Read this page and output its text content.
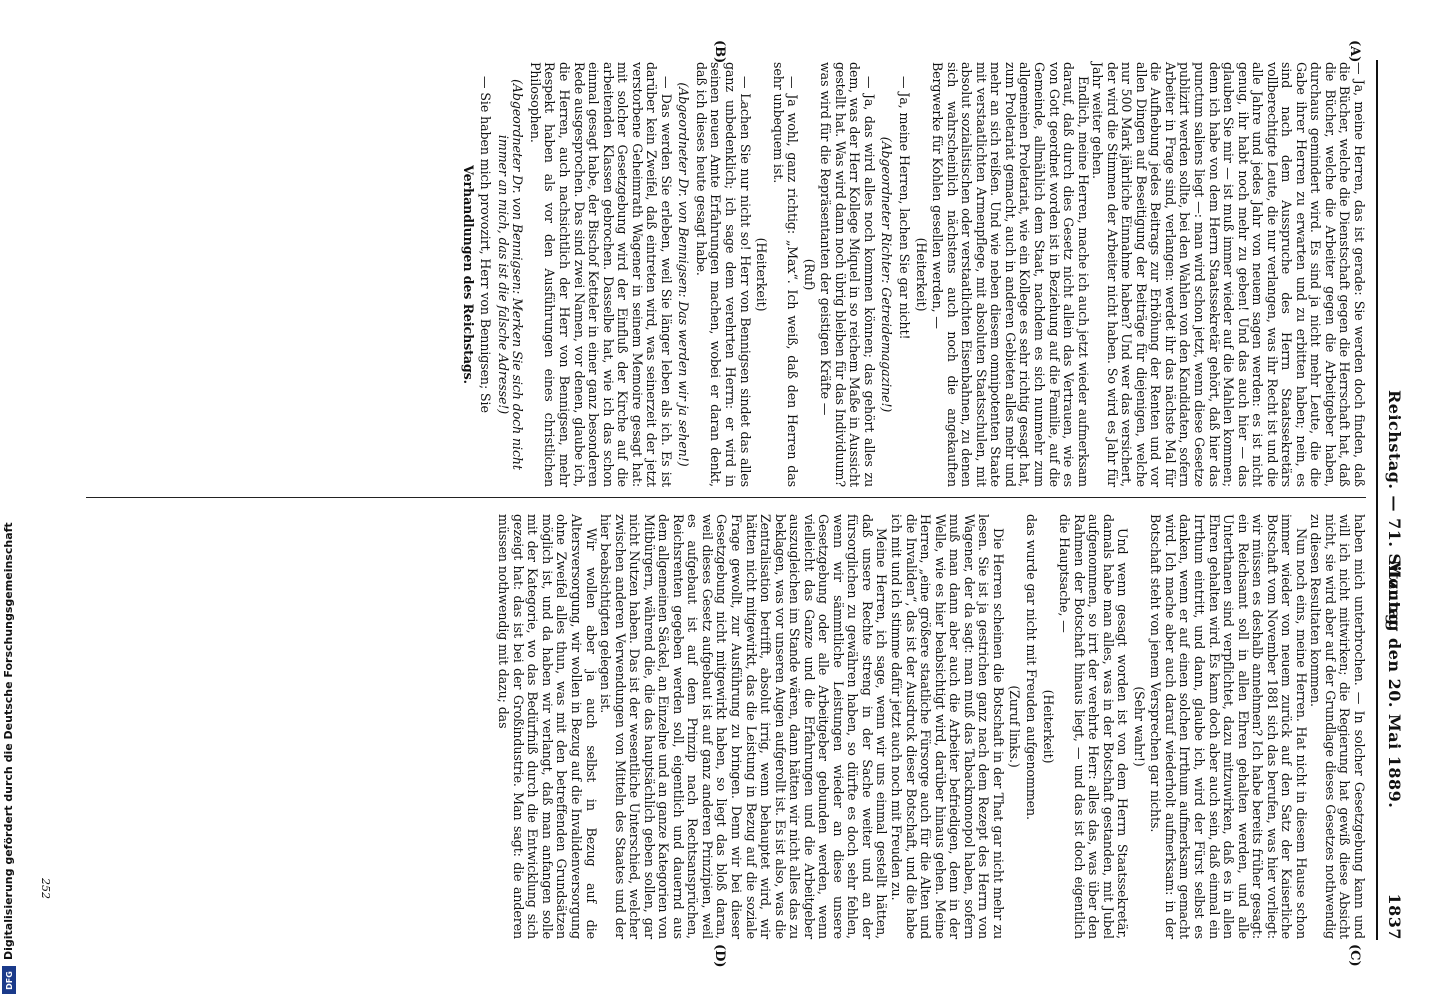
Reichstag. — 71. Sitzung.
Montag den 20. Mai 1889.
1837
(A)
(B)
(C)
(D)

— Ja, meine Herren, das ist gerade: Sie werden doch finden, daß die Bücher, welche die Dienstschaft gegen die Herrschaft hat, daß die Bücher, welche die Arbeiter gegen die Arbeitgeber haben, durchaus gemindert wird. Es sind ja nicht mehr Leute, die die Gabe ihrer Herren zu erwarten und zu erbitten haben; nein, es sind nach dem Ausspruche des Herrn Staatssekretärs vollberechtigte Leute, die nur verlangen, was ihr Recht ist und die alle Jahre und jedes Jahr von neuem sagen werden: es ist nicht genug, ihr habt noch mehr zu geben! Und das auch hier — das glauben Sie mir — ist muß immer wieder auf die Mahlen kommen; denn ich habe von dem Herrn Staatssekretär gehört, daß hier das punctum saliens liegt —: man wird schon jetzt, wenn diese Gesetze publizirt werden sollte, bei den Wahlen von den Kandidaten, sofern Arbeiter in Frage sind, verlangen: werdet ihr das nächste Mal für die Aufhebung jedes Beitrags zur Erhöhung der Renten und vor allen Dingen auf Beseitigung der Beiträge für diejenigen, welche nur 500 Mark jährliche Einnahme haben? Und wer das versichert, der wird die Stimmen der Arbeiter nicht haben. So wird es Jahr für Jahr weiter gehen.

Endlich, meine Herren, mache ich auch jetzt wieder aufmerksam darauf, daß durch dies Gesetz nicht allein das Vertrauen, wie es von Gott geordnet worden ist in Beziehung auf die Familie, auf die Gemeinde, allmählich dem Staat, nachdem es sich nunmehr zum allgemeinen Proletariat, wie ein Kollege es sehr richtig gesagt hat, zum Proletariat gemacht, auch in anderen Gebieten alles mehr und mehr an sich reißen. Und wie neben diesem omnipotenten Staate mit verstaatlichten Armenpflege, mit absoluten Staatsschulen, mit absolut sozialistischen oder verstaatlichten Eisenbahnen, zu denen sich wahrscheinlich nächstens auch noch die angekauften Bergwerke für Kohlen gesellen werden, —

(Heiterkeit)

— Ja, meine Herren, lachen Sie gar nicht!

(Abgeordneter Richter: Getreidemagazine!)

— Ja, das wird alles noch kommen können; das gehört alles zu dem, was der Herr Kollege Miquel in so reichem Maße in Aussicht gestellt hat. Was wird dann noch übrig bleiben für das Individuum? was wird für die Repräsentanten der geistigen Kräfte —

(Ruf)

— Ja wohl, ganz richtig: „Max“. Ich weiß, daß den Herren das sehr unbequem ist.

(Heiterkeit)

— Lachen Sie nur nicht so! Herr von Bennigsen sindet das alles ganz unbedenklich; ich sage dem verehrten Herrn: er wird in seinen neuen Amte Erfahrungen machen, wobei er daran denkt, daß ich dieses heute gesagt habe.

(Abgeordneter Dr. von Bennigsen: Das werden wir ja sehen!)

— Das werden Sie erleben, weil Sie länger leben als ich. Es ist darüber kein Zweifel, daß eintreten wird, was seinerzeit der jetzt verstorbene Geheimrath Wagener in seinem Memoire gesagt hat: mit solcher Gesetzgebung wird der Einfluß der Kirche auf die arbeitenden Klassen gebrochen. Dasselbe hat, wie ich das schon einmal gesagt habe, der Bischof Ketteler in einer ganz besonderen Rede ausgesprochen. Das sind zwei Namen, vor denen, glaube ich, die Herren, auch nachsichtlich der Herr von Bennigsen, mehr Respekt haben als vor den Ausführungen eines christlichen Philosophen.

(Abgeordneter Dr. von Bennigsen: Merken Sie sich doch nicht immer an mich, das ist die falsche Adresse!)

— Sie haben mich provozirt, Herr von Bennigsen; Sie

Verhandlungen des Reichstags.

haben mich unterbrochen. — In solcher Gesetzgebung kann und will ich nicht mitwirken; die Regierung hat gewiß diese Absicht nicht, sie wird aber auf der Grundlage dieses Gesetzes nothwendig zu diesen Resultaten kommen.

Nun noch eins, meine Herren. Hat nicht in diesem Hause schon immer wieder von neuem zurück auf den Satz der Kaiserliche Botschaft vom November 1881 sich das berufen, was hier vorliegt: wir müssen es deshalb annehmen? Ich habe bereits früher gesagt: ein Reichsamt soll in allen Ehren gehalten werden, und alle Unterthanen sind verpflichtet, dazu mitzuwirken, daß es in allen Ehren gehalten wird. Es kann doch aber auch sein, daß einmal ein Irrthum eintritt, und dann, glaube ich, wird der Fürst selbst es danken, wenn er auf einen solchen Irrthum aufmerksam gemacht wird. Ich mache aber auch darauf wiederholt aufmerksam: in der Botschaft steht von jenem Versprechen gar nichts.

(Sehr wahr!)

Und wenn gesagt worden ist von dem Herrn Staatssekretär, damals habe man alles, was in der Botschaft gestanden, mit Jubel aufgenommen, so irrt der verehrte Herr: alles das, was über den Rahmen der Botschaft hinaus liegt, — und das ist doch eigentlich die Hauptsache, —

(Heiterkeit)

das wurde gar nicht mit Freuden aufgenommen.

(Zuruf links.)

Die Herren scheinen die Botschaft in der That gar nicht mehr zu lesen. Sie ist ja gestrichen ganz nach dem Rezept des Herrn von Wagener, der da sagt: man muß das Tabackmonopol haben, sofern muß man dann aber auch die Arbeiter befriedigen, denn in der Welle, wie es hier beabsichtigt wird, darüber hinaus gehen. Meine Herren, „eine größere staatliche Fürsorge auch für die Alten und die Invaliden“, das ist der Ausdruck dieser Botschaft, und die habe ich mit und ich stimme dafür jetzt auch noch mit Freuden zu.

Meine Herren, ich sage, wenn wir uns einmal gestellt hätten, daß unsere Rechte streng in der Sache weiter und an der fürsorglichen zu gewähren haben, so dürfte es doch sehr fehlen, wenn wir sämmtliche Leistungen wieder an diese unsere Gesetzgebung oder alle Arbeitgeber gebunden werden, wenn vielleicht das Ganze und die Erfahrungen und die Arbeitgeber auszugleichen im Stande wären, dann hätten wir nicht alles das zu beklagen, was vor unseren Augen aufgerollt ist. Es ist also, was die Zentralisation betrifft, absolut irrig, wenn behauptet wird, wir hätten nicht mitgewirkt, das die Leistung in Bezug auf die soziale Frage gewollt, zur Ausführung zu bringen. Denn wir bei dieser Gesetzgebung nicht mitgewirkt haben, so liegt das bloß daran, weil dieses Gesetz aufgebaut ist auf ganz anderen Prinzipien, weil es aufgebaut ist auf dem Prinzip nach Rechtsansprüchen, Reichsrenten gegeben werden soll, eigentlich und dauernd aus dem allgemeinen Säckel, an Einzelne und an ganze Kategorien von Mitbürgern, während die, die das hauptsächlich geben sollen, gar nicht Nutzen haben. Das ist der wesentliche Unterschied, welcher zwischen anderen Verwendungen von Mitteln des Staates und der hier beabsichtigten gelegen ist.

Wir wollen aber ja auch selbst in Bezug auf die Altersversorgung, wir wollen in Bezug auf die Invalidenversorgung ohne Zweifel alles thun, was mit den betreffenden Grundsätzen möglich ist, und da haben wir verlangt, daß man anfangen solle mit der Kategorie, wo das Bedürfniß durch die Entwicklung sich gezeigt hat: das ist bei der Großindustrie. Man sagt: die anderen müssen nothwendig mit dazu; das

252
Digitalisierung gefördert durch die Deutsche Forschungsgemeinschaft
DFG
